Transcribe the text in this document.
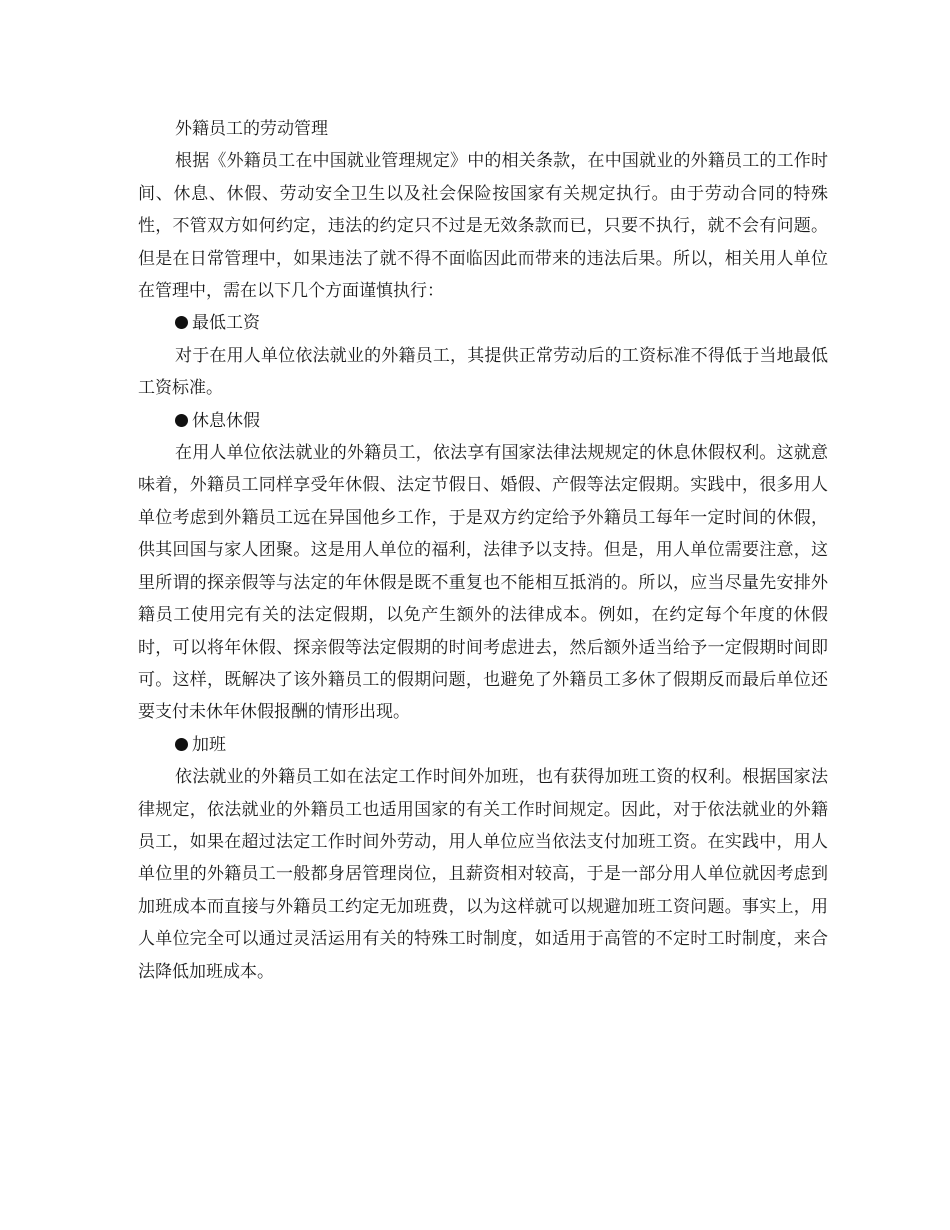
外籍员工的劳动管理

根据《外籍员工在中国就业管理规定》中的相关条款，在中国就业的外籍员工的工作时间、休息、休假、劳动安全卫生以及社会保险按国家有关规定执行。由于劳动合同的特殊性，不管双方如何约定，违法的约定只不过是无效条款而已，只要不执行，就不会有问题。但是在日常管理中，如果违法了就不得不面临因此而带来的违法后果。所以，相关用人单位在管理中，需在以下几个方面谨慎执行：

最低工资

对于在用人单位依法就业的外籍员工，其提供正常劳动后的工资标准不得低于当地最低工资标准。

休息休假

在用人单位依法就业的外籍员工，依法享有国家法律法规规定的休息休假权利。这就意味着，外籍员工同样享受年休假、法定节假日、婚假、产假等法定假期。实践中，很多用人单位考虑到外籍员工远在异国他乡工作，于是双方约定给予外籍员工每年一定时间的休假，供其回国与家人团聚。这是用人单位的福利，法律予以支持。但是，用人单位需要注意，这里所谓的探亲假等与法定的年休假是既不重复也不能相互抵消的。所以，应当尽量先安排外籍员工使用完有关的法定假期，以免产生额外的法律成本。例如，在约定每个年度的休假时，可以将年休假、探亲假等法定假期的时间考虑进去，然后额外适当给予一定假期时间即可。这样，既解决了该外籍员工的假期问题，也避免了外籍员工多休了假期反而最后单位还要支付未休年休假报酬的情形出现。

加班

依法就业的外籍员工如在法定工作时间外加班，也有获得加班工资的权利。根据国家法律规定，依法就业的外籍员工也适用国家的有关工作时间规定。因此，对于依法就业的外籍员工，如果在超过法定工作时间外劳动，用人单位应当依法支付加班工资。在实践中，用人单位里的外籍员工一般都身居管理岗位，且薪资相对较高，于是一部分用人单位就因考虑到加班成本而直接与外籍员工约定无加班费，以为这样就可以规避加班工资问题。事实上，用人单位完全可以通过灵活运用有关的特殊工时制度，如适用于高管的不定时工时制度，来合法降低加班成本。
